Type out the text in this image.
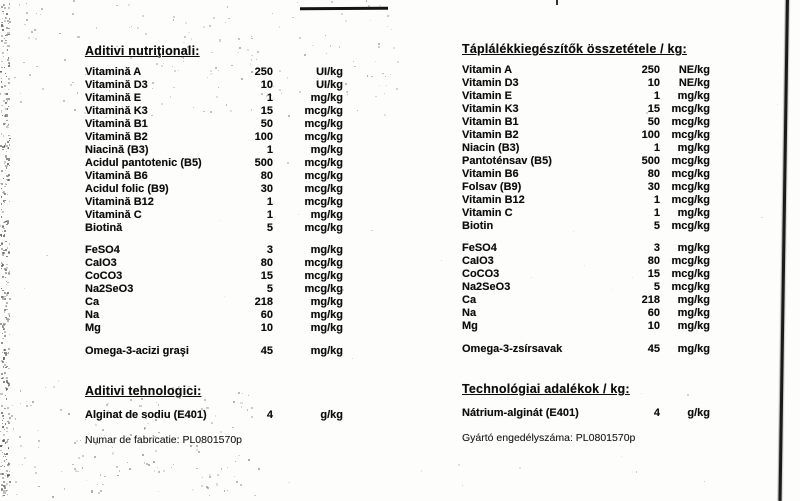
Aditivi nutriţionali:
Vitamină A	250	UI/kg
Vitamină D3	10	UI/kg
Vitamină E	1	mg/kg
Vitamină K3	15	mcg/kg
Vitamină B1	50	mcg/kg
Vitamină B2	100	mcg/kg
Niacină (B3)	1	mg/kg
Acidul pantotenic (B5)	500	mcg/kg
Vitamină B6	80	mcg/kg
Acidul folic (B9)	30	mcg/kg
Vitamină B12	1	mcg/kg
Vitamină C	1	mg/kg
Biotină	5	mcg/kg
FeSO4	3	mg/kg
CaIO3	80	mcg/kg
CoCO3	15	mcg/kg
Na2SeO3	5	mcg/kg
Ca	218	mg/kg
Na	60	mg/kg
Mg	10	mg/kg
Omega-3-acizi graşi	45	mg/kg
Aditivi tehnologici:
Alginat de sodiu (E401)	4	g/kg
Numar de fabricatie: PL0801570p
Táplálékkiegészítők összetétele / kg:
Vitamin A	250	NE/kg
Vitamin D3	10	NE/kg
Vitamin E	1	mg/kg
Vitamin K3	15	mcg/kg
Vitamin B1	50	mcg/kg
Vitamin B2	100	mcg/kg
Niacin (B3)	1	mg/kg
Pantoténsav (B5)	500	mcg/kg
Vitamin B6	80	mcg/kg
Folsav (B9)	30	mcg/kg
Vitamin B12	1	mcg/kg
Vitamin C	1	mg/kg
Biotin	5	mcg/kg
FeSO4	3	mg/kg
CaIO3	80	mcg/kg
CoCO3	15	mcg/kg
Na2SeO3	5	mcg/kg
Ca	218	mg/kg
Na	60	mg/kg
Mg	10	mg/kg
Omega-3-zsírsavak	45	mg/kg
Technológiai adalékok / kg:
Nátrium-alginát (E401)	4	g/kg
Gyártó engedélyszáma: PL0801570p
